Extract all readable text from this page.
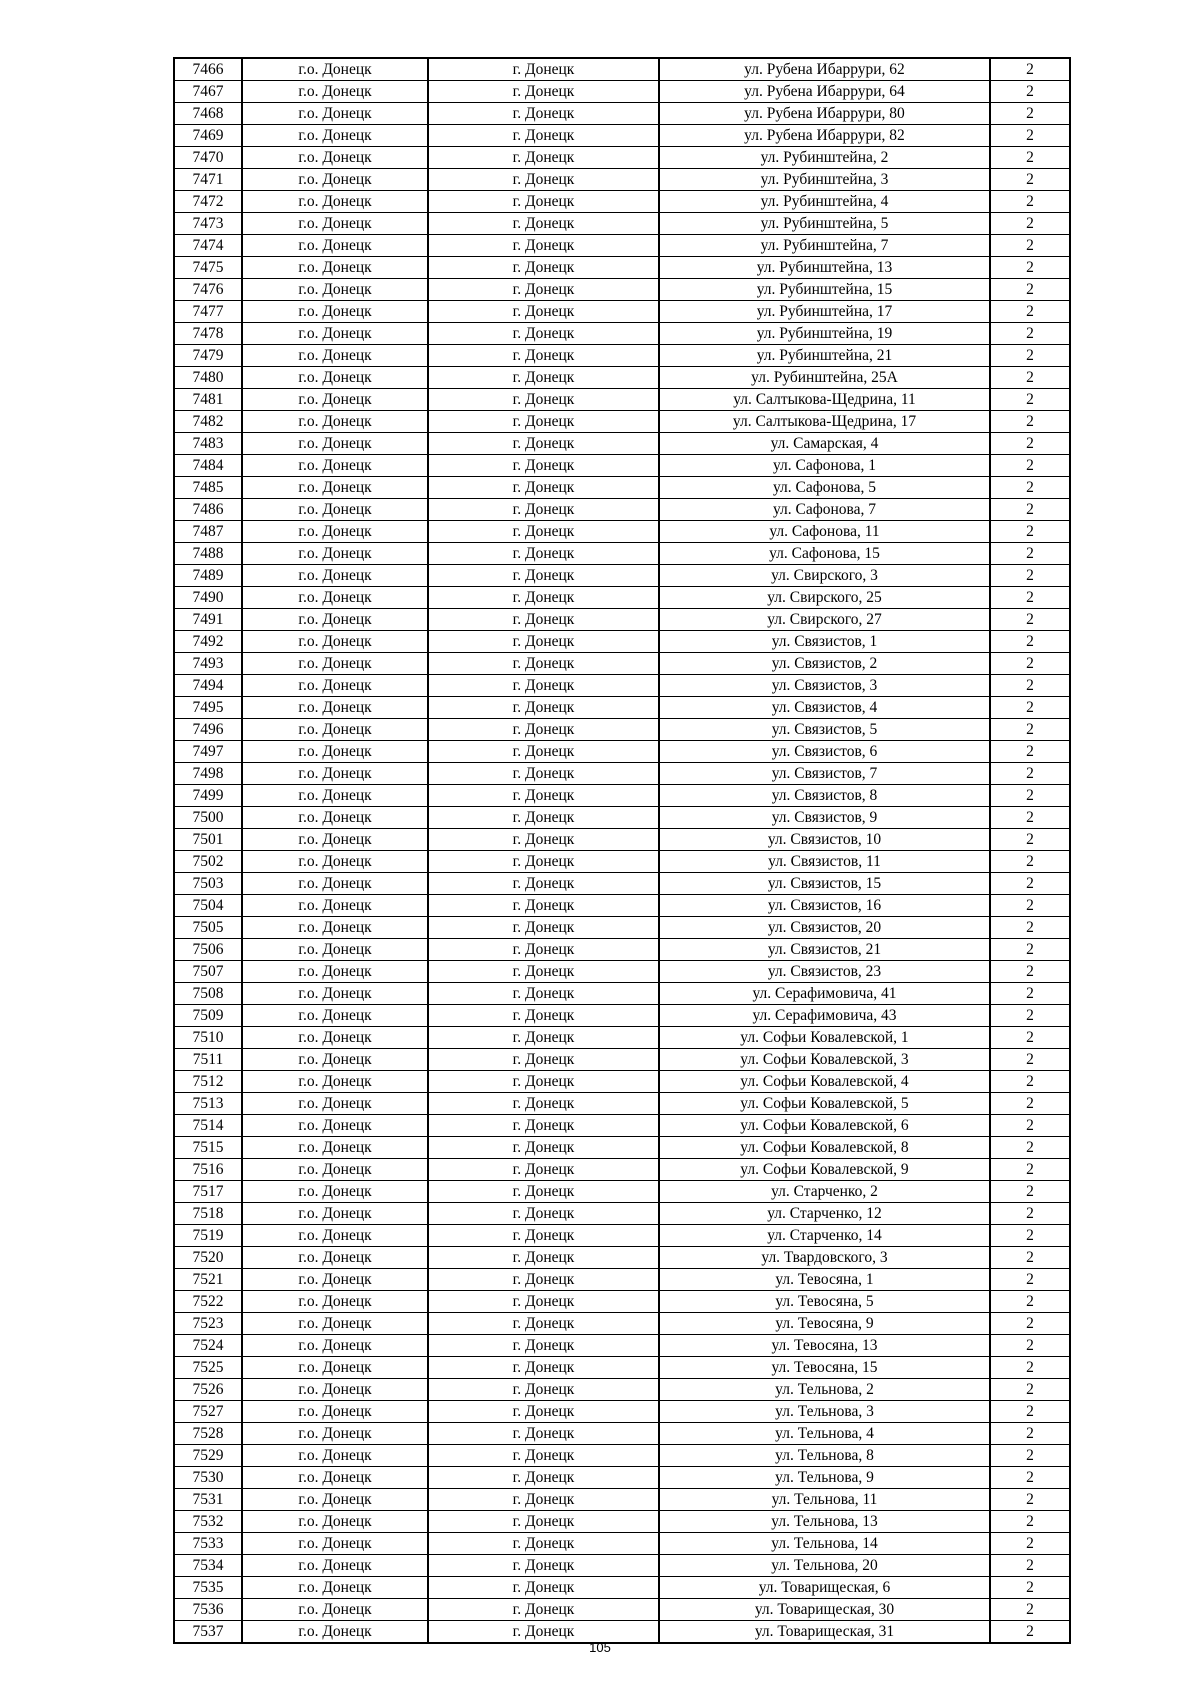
7466	г.о. Донецк	г. Донецк	ул. Рубена Ибаррури, 62	2
7467	г.о. Донецк	г. Донецк	ул. Рубена Ибаррури, 64	2
7468	г.о. Донецк	г. Донецк	ул. Рубена Ибаррури, 80	2
7469	г.о. Донецк	г. Донецк	ул. Рубена Ибаррури, 82	2
7470	г.о. Донецк	г. Донецк	ул. Рубинштейна, 2	2
7471	г.о. Донецк	г. Донецк	ул. Рубинштейна, 3	2
7472	г.о. Донецк	г. Донецк	ул. Рубинштейна, 4	2
7473	г.о. Донецк	г. Донецк	ул. Рубинштейна, 5	2
7474	г.о. Донецк	г. Донецк	ул. Рубинштейна, 7	2
7475	г.о. Донецк	г. Донецк	ул. Рубинштейна, 13	2
7476	г.о. Донецк	г. Донецк	ул. Рубинштейна, 15	2
7477	г.о. Донецк	г. Донецк	ул. Рубинштейна, 17	2
7478	г.о. Донецк	г. Донецк	ул. Рубинштейна, 19	2
7479	г.о. Донецк	г. Донецк	ул. Рубинштейна, 21	2
7480	г.о. Донецк	г. Донецк	ул. Рубинштейна, 25А	2
7481	г.о. Донецк	г. Донецк	ул. Салтыкова-Щедрина, 11	2
7482	г.о. Донецк	г. Донецк	ул. Салтыкова-Щедрина, 17	2
7483	г.о. Донецк	г. Донецк	ул. Самарская, 4	2
7484	г.о. Донецк	г. Донецк	ул. Сафонова, 1	2
7485	г.о. Донецк	г. Донецк	ул. Сафонова, 5	2
7486	г.о. Донецк	г. Донецк	ул. Сафонова, 7	2
7487	г.о. Донецк	г. Донецк	ул. Сафонова, 11	2
7488	г.о. Донецк	г. Донецк	ул. Сафонова, 15	2
7489	г.о. Донецк	г. Донецк	ул. Свирского, 3	2
7490	г.о. Донецк	г. Донецк	ул. Свирского, 25	2
7491	г.о. Донецк	г. Донецк	ул. Свирского, 27	2
7492	г.о. Донецк	г. Донецк	ул. Связистов, 1	2
7493	г.о. Донецк	г. Донецк	ул. Связистов, 2	2
7494	г.о. Донецк	г. Донецк	ул. Связистов, 3	2
7495	г.о. Донецк	г. Донецк	ул. Связистов, 4	2
7496	г.о. Донецк	г. Донецк	ул. Связистов, 5	2
7497	г.о. Донецк	г. Донецк	ул. Связистов, 6	2
7498	г.о. Донецк	г. Донецк	ул. Связистов, 7	2
7499	г.о. Донецк	г. Донецк	ул. Связистов, 8	2
7500	г.о. Донецк	г. Донецк	ул. Связистов, 9	2
7501	г.о. Донецк	г. Донецк	ул. Связистов, 10	2
7502	г.о. Донецк	г. Донецк	ул. Связистов, 11	2
7503	г.о. Донецк	г. Донецк	ул. Связистов, 15	2
7504	г.о. Донецк	г. Донецк	ул. Связистов, 16	2
7505	г.о. Донецк	г. Донецк	ул. Связистов, 20	2
7506	г.о. Донецк	г. Донецк	ул. Связистов, 21	2
7507	г.о. Донецк	г. Донецк	ул. Связистов, 23	2
7508	г.о. Донецк	г. Донецк	ул. Серафимовича, 41	2
7509	г.о. Донецк	г. Донецк	ул. Серафимовича, 43	2
7510	г.о. Донецк	г. Донецк	ул. Софьи Ковалевской, 1	2
7511	г.о. Донецк	г. Донецк	ул. Софьи Ковалевской, 3	2
7512	г.о. Донецк	г. Донецк	ул. Софьи Ковалевской, 4	2
7513	г.о. Донецк	г. Донецк	ул. Софьи Ковалевской, 5	2
7514	г.о. Донецк	г. Донецк	ул. Софьи Ковалевской, 6	2
7515	г.о. Донецк	г. Донецк	ул. Софьи Ковалевской, 8	2
7516	г.о. Донецк	г. Донецк	ул. Софьи Ковалевской, 9	2
7517	г.о. Донецк	г. Донецк	ул. Старченко, 2	2
7518	г.о. Донецк	г. Донецк	ул. Старченко, 12	2
7519	г.о. Донецк	г. Донецк	ул. Старченко, 14	2
7520	г.о. Донецк	г. Донецк	ул. Твардовского, 3	2
7521	г.о. Донецк	г. Донецк	ул. Тевосяна, 1	2
7522	г.о. Донецк	г. Донецк	ул. Тевосяна, 5	2
7523	г.о. Донецк	г. Донецк	ул. Тевосяна, 9	2
7524	г.о. Донецк	г. Донецк	ул. Тевосяна, 13	2
7525	г.о. Донецк	г. Донецк	ул. Тевосяна, 15	2
7526	г.о. Донецк	г. Донецк	ул. Тельнова, 2	2
7527	г.о. Донецк	г. Донецк	ул. Тельнова, 3	2
7528	г.о. Донецк	г. Донецк	ул. Тельнова, 4	2
7529	г.о. Донецк	г. Донецк	ул. Тельнова, 8	2
7530	г.о. Донецк	г. Донецк	ул. Тельнова, 9	2
7531	г.о. Донецк	г. Донецк	ул. Тельнова, 11	2
7532	г.о. Донецк	г. Донецк	ул. Тельнова, 13	2
7533	г.о. Донецк	г. Донецк	ул. Тельнова, 14	2
7534	г.о. Донецк	г. Донецк	ул. Тельнова, 20	2
7535	г.о. Донецк	г. Донецк	ул. Товарищеская, 6	2
7536	г.о. Донецк	г. Донецк	ул. Товарищеская, 30	2
7537	г.о. Донецк	г. Донецк	ул. Товарищеская, 31	2
105
